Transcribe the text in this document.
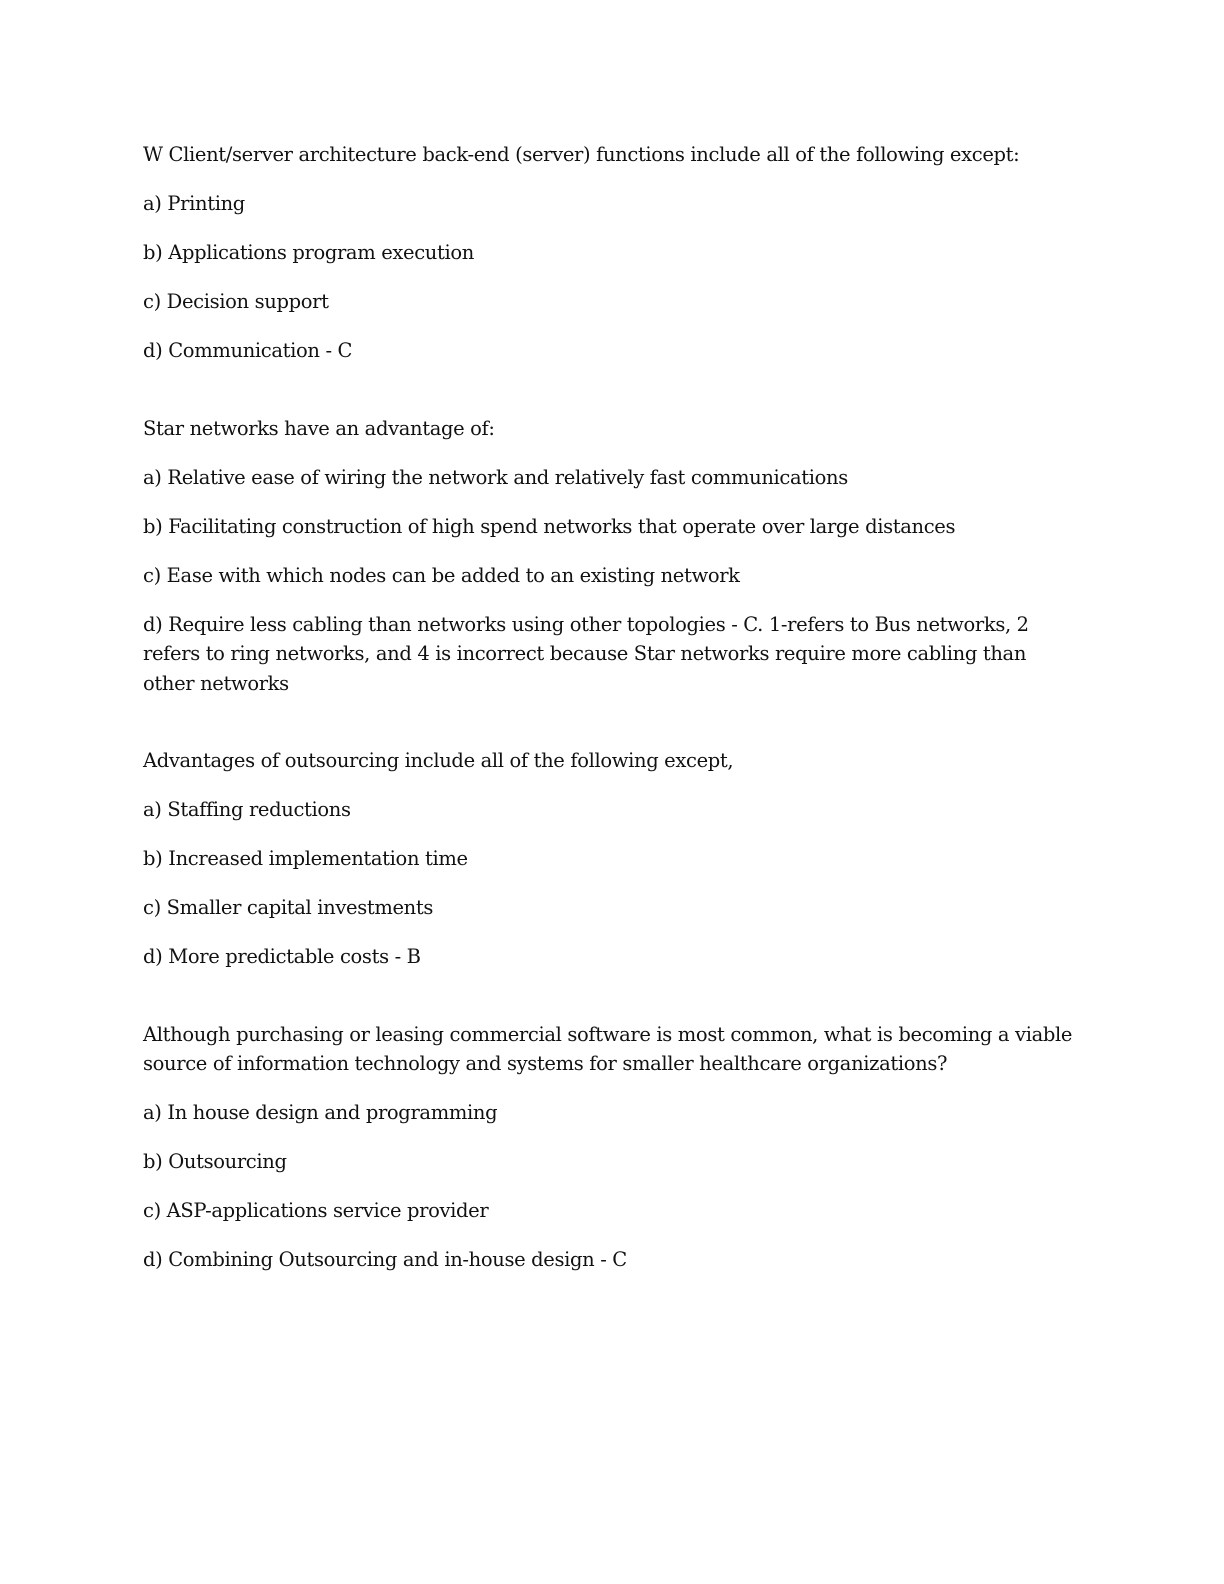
W Client/server architecture back-end (server) functions include all of the following except:

a) Printing

b) Applications program execution

c) Decision support

d) Communication - C

Star networks have an advantage of:

a) Relative ease of wiring the network and relatively fast communications

b) Facilitating construction of high spend networks that operate over large distances

c) Ease with which nodes can be added to an existing network

d) Require less cabling than networks using other topologies - C. 1-refers to Bus networks, 2 refers to ring networks, and 4 is incorrect because Star networks require more cabling than other networks

Advantages of outsourcing include all of the following except,

a) Staffing reductions

b) Increased implementation time

c) Smaller capital investments

d) More predictable costs - B

Although purchasing or leasing commercial software is most common, what is becoming a viable source of information technology and systems for smaller healthcare organizations?

a) In house design and programming

b) Outsourcing

c) ASP-applications service provider

d) Combining Outsourcing and in-house design - C
